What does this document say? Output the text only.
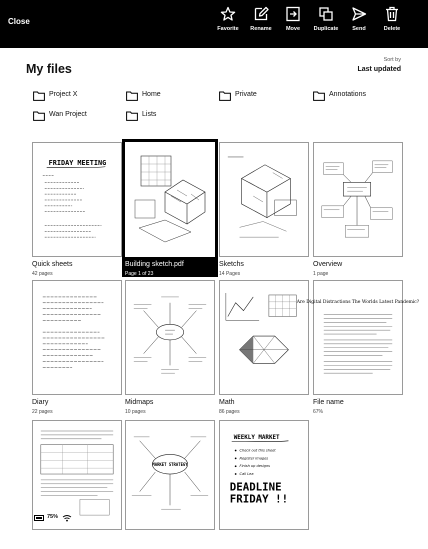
Close
Favorite	Rename	Move	Duplicate	Send	Delete
My files
Sort by
Last updated
Project X	Home	Private	Annotations
Wan Project	Lists
FRIDAY MEETING
Quick sheets
42 pages
Building sketch.pdf
Page 1 of 23
Sketchs
14 Pages
Overview
1 page
Diary
22 pages
Midmaps
10 pages
Math
86 pages
Are Digital Distractions The Worlds Latest Pandemic?
File name
67%
MARKET STRATEGY
WEEKLY MARKET
Check out this sheet
Register images
Finish up designs
Call Lea
DEADLINE FRIDAY !!
75%
